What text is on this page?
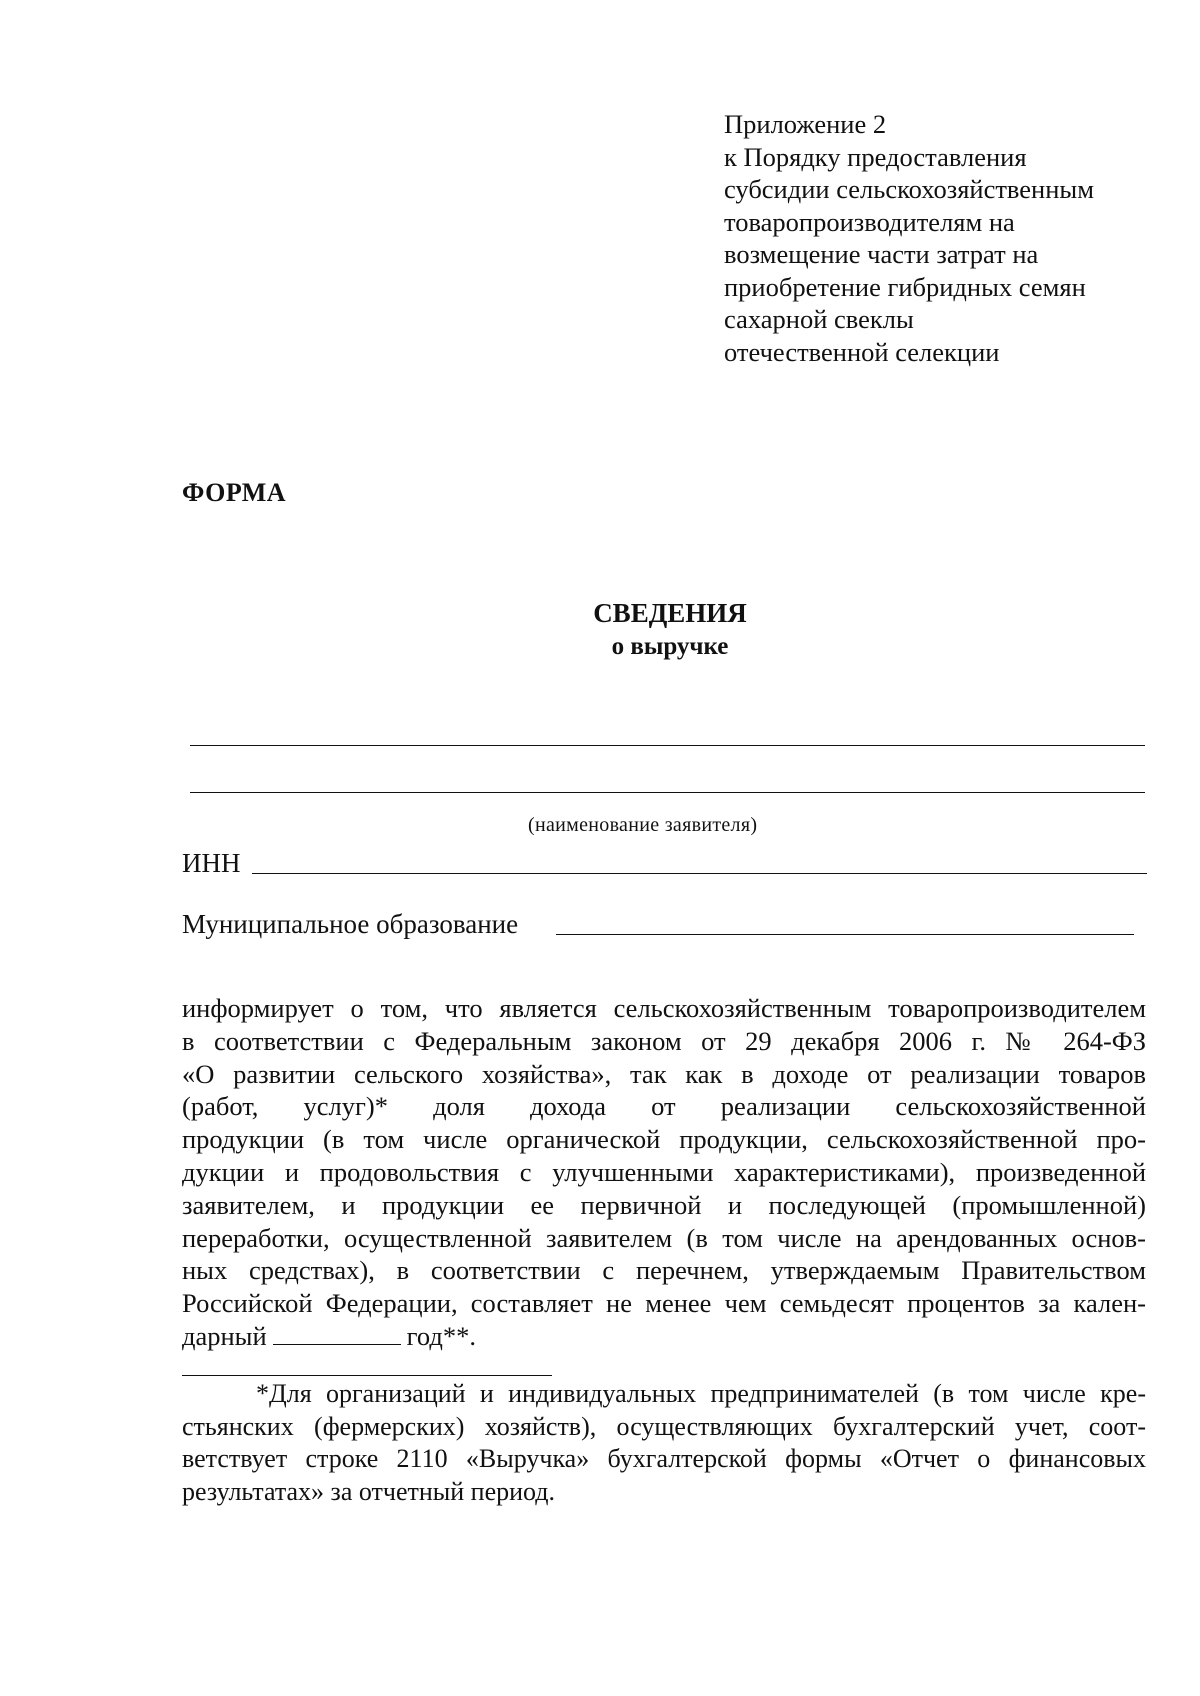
Приложение 2
к Порядку предоставления
субсидии сельскохозяйственным
товаропроизводителям на
возмещение части затрат на
приобретение гибридных семян
сахарной свеклы
отечественной селекции
ФОРМА
СВЕДЕНИЯ
о выручке
(наименование заявителя)
ИНН
Муниципальное образование
информирует о том, что является сельскохозяйственным товаропроизводителем
в соответствии с Федеральным законом от 29 декабря 2006 г. № 264-ФЗ
«О развитии сельского хозяйства», так как в доходе от реализации товаров
(работ, услуг)* доля дохода от реализации сельскохозяйственной
продукции (в том числе органической продукции, сельскохозяйственной про-
дукции и продовольствия с улучшенными характеристиками), произведенной
заявителем, и продукции ее первичной и последующей (промышленной)
переработки, осуществленной заявителем (в том числе на арендованных основ-
ных средствах), в соответствии с перечнем, утверждаемым Правительством
Российской Федерации, составляет не менее чем семьдесят процентов за кален-
дарный	год**.
*Для организаций и индивидуальных предпринимателей (в том числе кре-
стьянских (фермерских) хозяйств), осуществляющих бухгалтерский учет, соот-
ветствует строке 2110 «Выручка» бухгалтерской формы «Отчет о финансовых
результатах» за отчетный период.
